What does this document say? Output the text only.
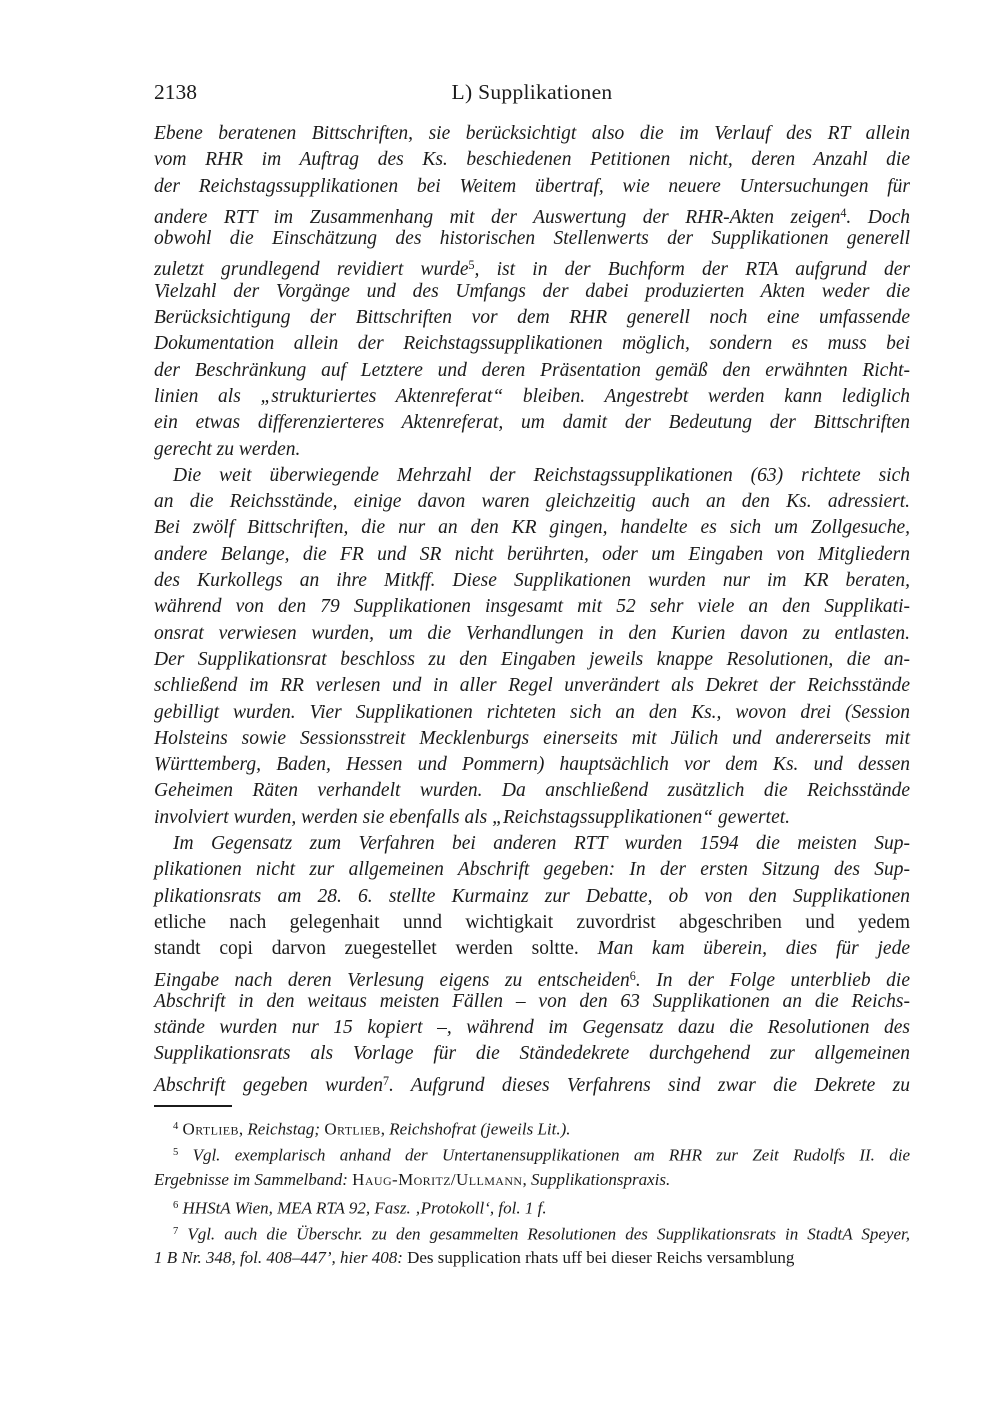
2138	L) Supplikationen
Ebene beratenen Bittschriften, sie berücksichtigt also die im Verlauf des RT allein
vom RHR im Auftrag des Ks. beschiedenen Petitionen nicht, deren Anzahl die
der Reichstagssupplikationen bei Weitem übertraf, wie neuere Untersuchungen für
andere RTT im Zusammenhang mit der Auswertung der RHR-Akten zeigen$^4$. Doch
obwohl die Einschätzung des historischen Stellenwerts der Supplikationen generell
zuletzt grundlegend revidiert wurde$^5$, ist in der Buchform der RTA aufgrund der
Vielzahl der Vorgänge und des Umfangs der dabei produzierten Akten weder die
Berücksichtigung der Bittschriften vor dem RHR generell noch eine umfassende
Dokumentation allein der Reichstagssupplikationen möglich, sondern es muss bei
der Beschränkung auf Letztere und deren Präsentation gemäß den erwähnten Richt-
linien als „strukturiertes Aktenreferat“ bleiben. Angestrebt werden kann lediglich
ein etwas differenzierteres Aktenreferat, um damit der Bedeutung der Bittschriften
gerecht zu werden.
Die weit überwiegende Mehrzahl der Reichstagssupplikationen (63) richtete sich
an die Reichsstände, einige davon waren gleichzeitig auch an den Ks. adressiert.
Bei zwölf Bittschriften, die nur an den KR gingen, handelte es sich um Zollgesuche,
andere Belange, die FR und SR nicht berührten, oder um Eingaben von Mitgliedern
des Kurkollegs an ihre Mitkff. Diese Supplikationen wurden nur im KR beraten,
während von den 79 Supplikationen insgesamt mit 52 sehr viele an den Supplikati-
onsrat verwiesen wurden, um die Verhandlungen in den Kurien davon zu entlasten.
Der Supplikationsrat beschloss zu den Eingaben jeweils knappe Resolutionen, die an-
schließend im RR verlesen und in aller Regel unverändert als Dekret der Reichsstände
gebilligt wurden. Vier Supplikationen richteten sich an den Ks., wovon drei (Session
Holsteins sowie Sessionsstreit Mecklenburgs einerseits mit Jülich und andererseits mit
Württemberg, Baden, Hessen und Pommern) hauptsächlich vor dem Ks. und dessen
Geheimen Räten verhandelt wurden. Da anschließend zusätzlich die Reichsstände
involviert wurden, werden sie ebenfalls als „Reichstagssupplikationen“ gewertet.
Im Gegensatz zum Verfahren bei anderen RTT wurden 1594 die meisten Sup-
plikationen nicht zur allgemeinen Abschrift gegeben: In der ersten Sitzung des Sup-
plikationsrats am 28. 6. stellte Kurmainz zur Debatte, ob von den Supplikationen
etliche nach gelegenhait unnd wichtigkait zuvordrist abgeschriben und yedem
standt copi darvon zuegestellet werden soltte. Man kam überein, dies für jede
Eingabe nach deren Verlesung eigens zu entscheiden$^6$. In der Folge unterblieb die
Abschrift in den weitaus meisten Fällen – von den 63 Supplikationen an die Reichs-
stände wurden nur 15 kopiert –, während im Gegensatz dazu die Resolutionen des
Supplikationsrats als Vorlage für die Ständedekrete durchgehend zur allgemeinen
Abschrift gegeben wurden$^7$. Aufgrund dieses Verfahrens sind zwar die Dekrete zu
$^4$ Ortlieb, Reichstag; Ortlieb, Reichshofrat (jeweils Lit.).
$^5$ Vgl. exemplarisch anhand der Untertanensupplikationen am RHR zur Zeit Rudolfs II. die
Ergebnisse im Sammelband: Haug-Moritz/Ullmann, Supplikationspraxis.
$^6$ HHStA Wien, MEA RTA 92, Fasz. ‚Protokoll‘, fol. 1 f.
$^7$ Vgl. auch die Überschr. zu den gesammelten Resolutionen des Supplikationsrats in StadtA Speyer,
1 B Nr. 348, fol. 408–447’, hier 408: Des supplication rhats uff bei dieser Reichs versamblung
